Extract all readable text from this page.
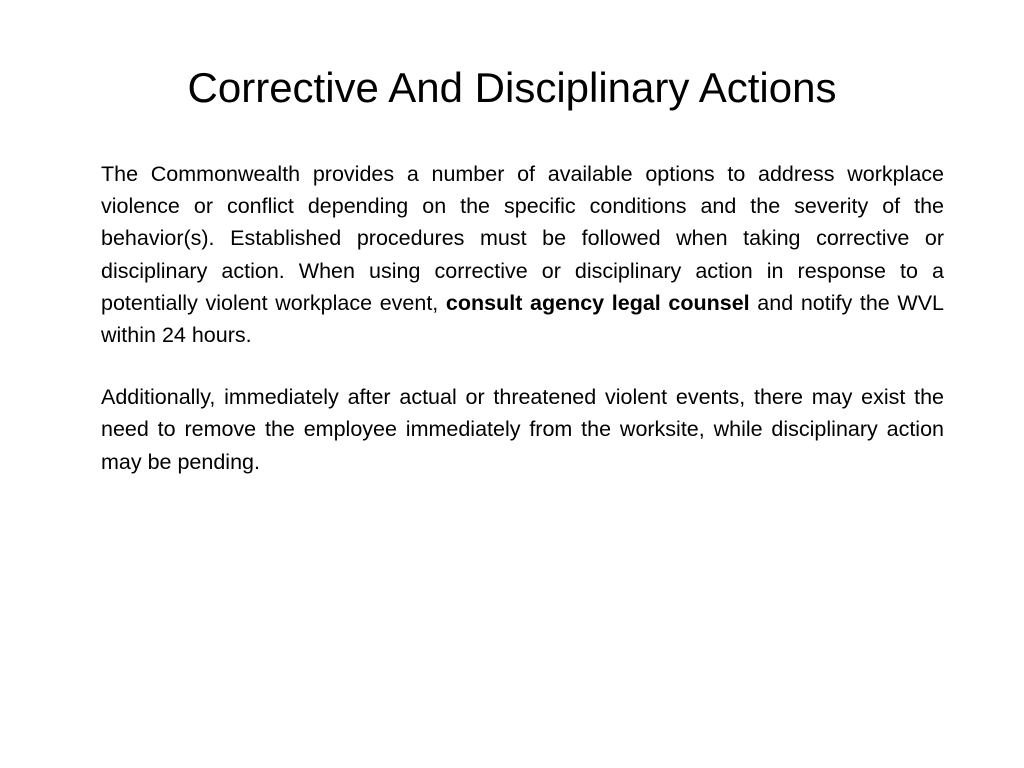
Corrective And Disciplinary Actions

The Commonwealth provides a number of available options to address workplace violence or conflict depending on the specific conditions and the severity of the behavior(s). Established procedures must be followed when taking corrective or disciplinary action. When using corrective or disciplinary action in response to a potentially violent workplace event, consult agency legal counsel and notify the WVL within 24 hours.

Additionally, immediately after actual or threatened violent events, there may exist the need to remove the employee immediately from the worksite, while disciplinary action may be pending.
